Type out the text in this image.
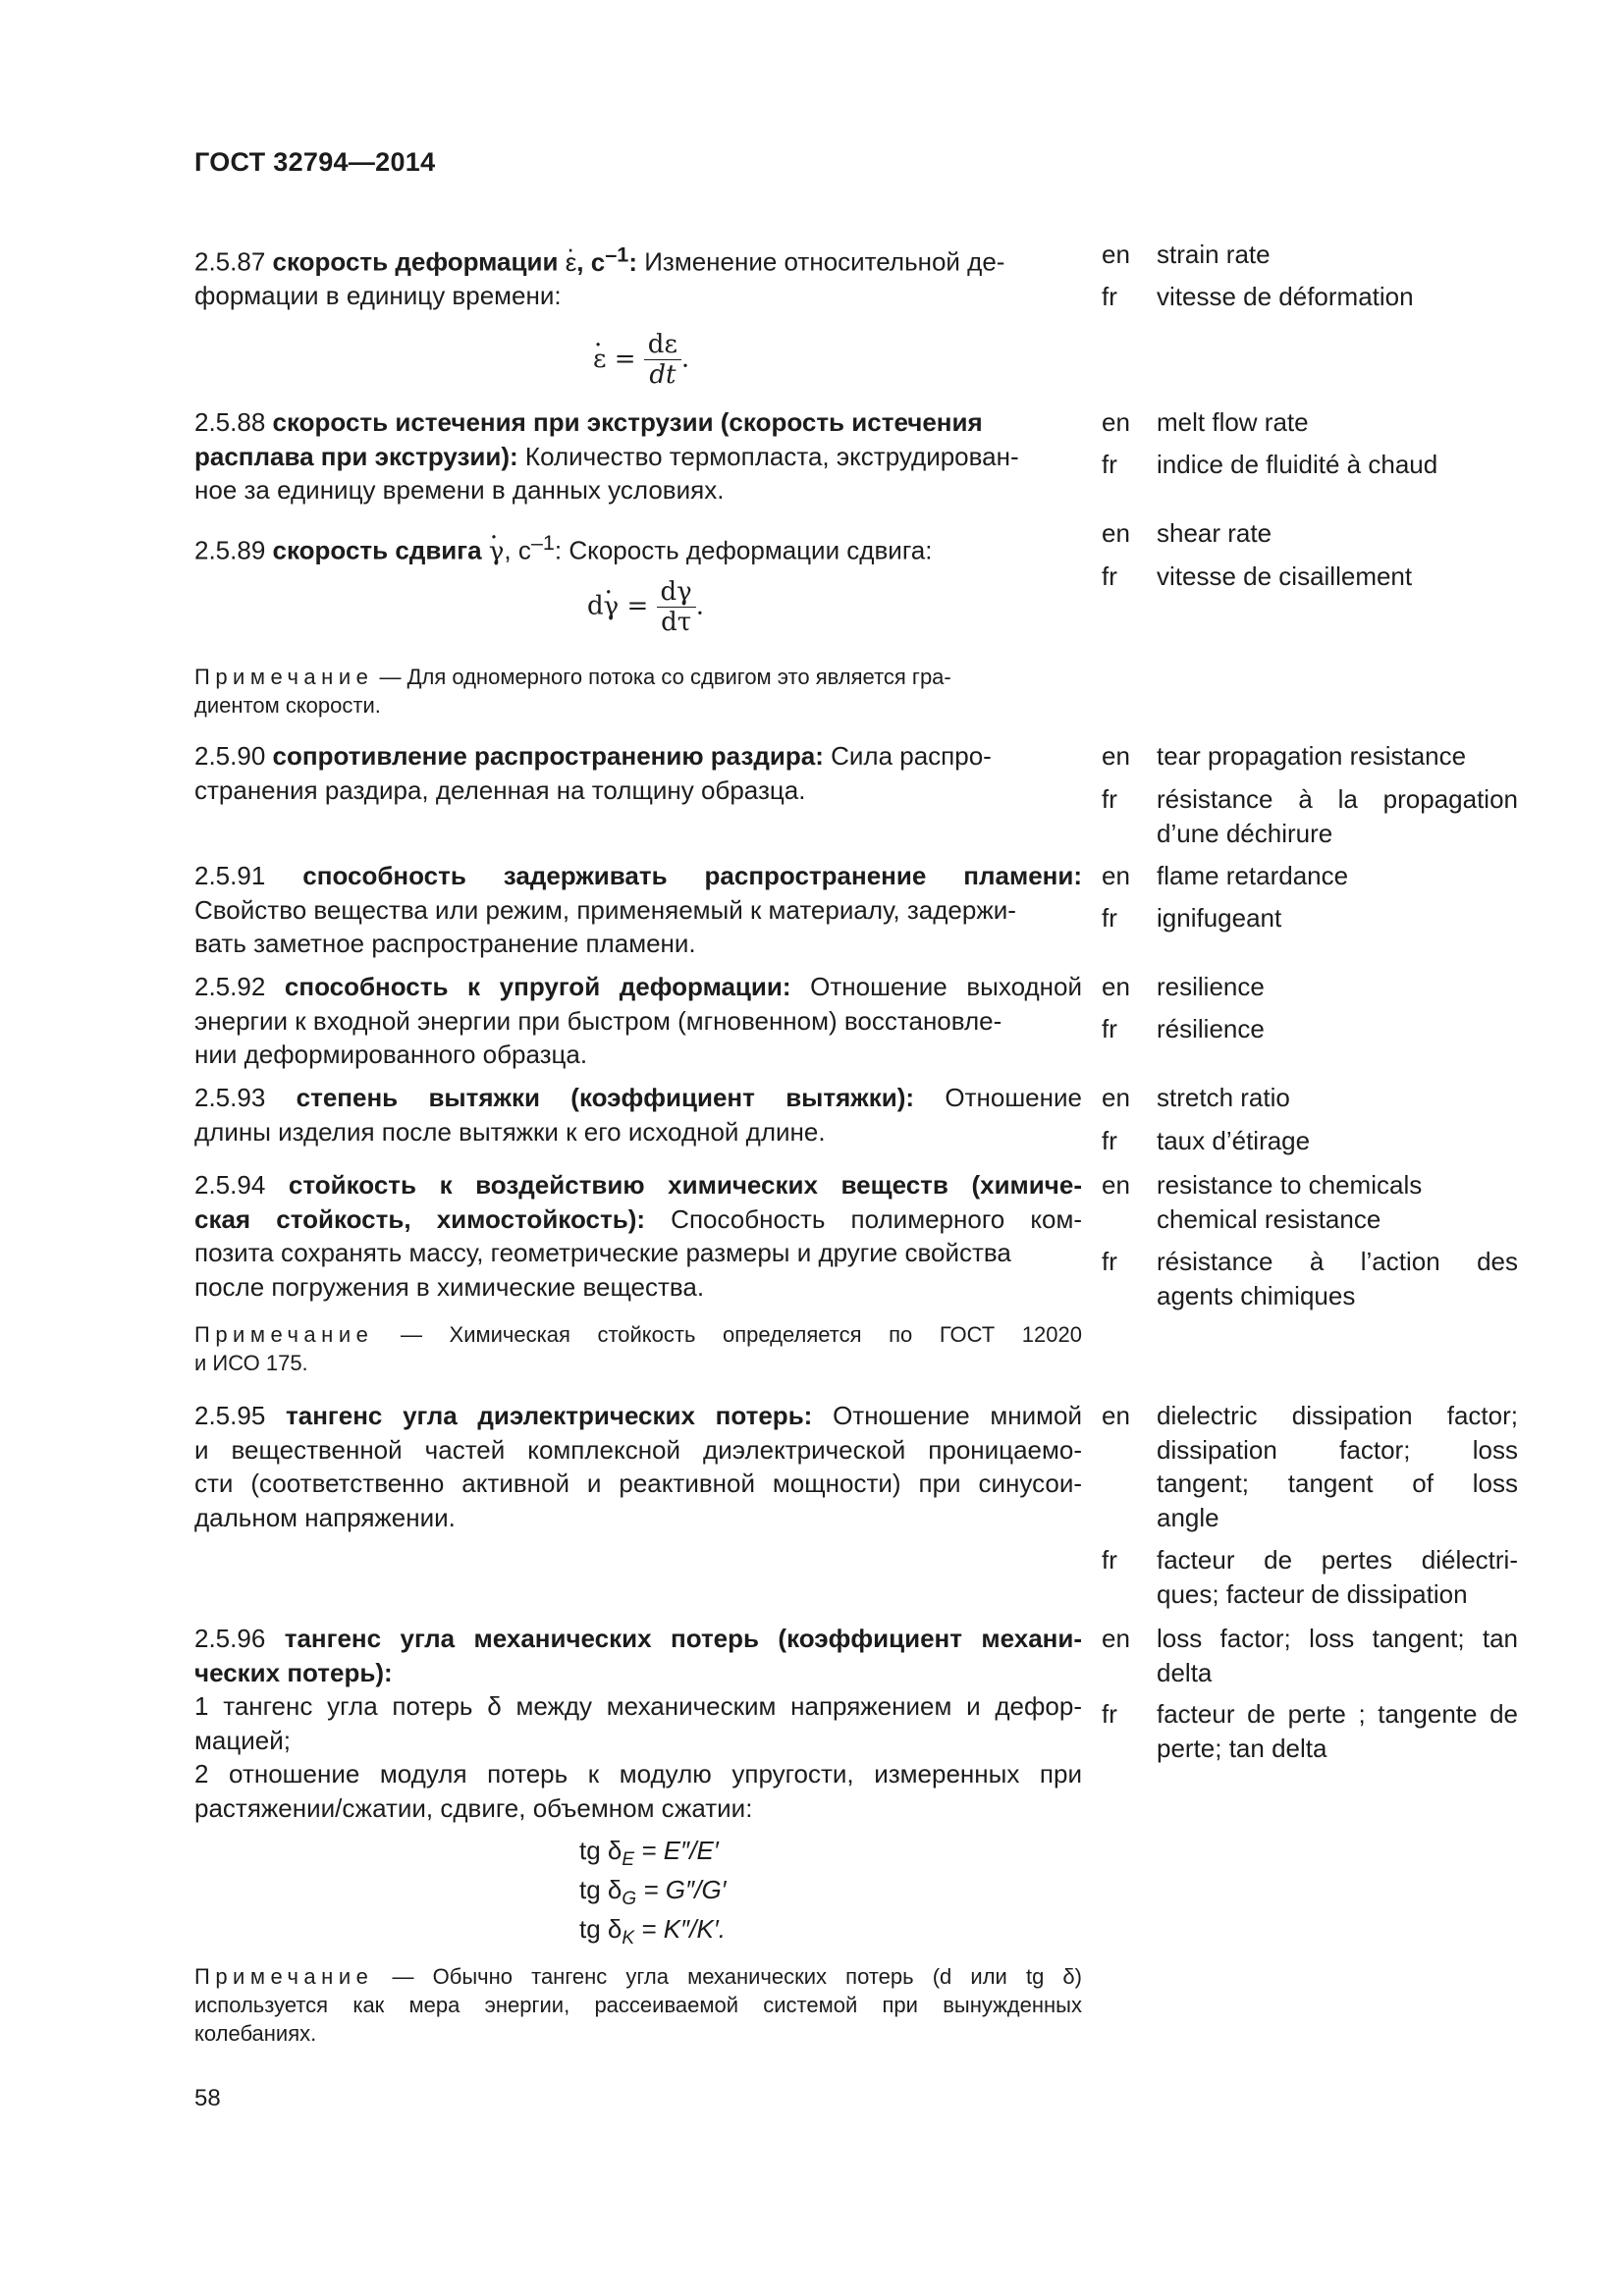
ГОСТ 32794—2014
2.5.87 скорость деформации · ε, $с^{-1}$: Изменение относительной де-
формации в единицу времени:
· $\varepsilon = \frac{d\varepsilon}{dt}$ .
en strain rate
fr vitesse de déformation
2.5.88 скорость истечения при экструзии (скорость истечения
расплава при экструзии): Количество термопласта, экструдирован-
ное за единицу времени в данных условиях.
en melt flow rate
fr indice de fluidité à chaud
2.5.89 скорость сдвига · γ, $с^{-1}$: Скорость деформации сдвига:
$d\cdot \gamma = \frac{d\gamma}{d\tau}$ .
Примечание — Для одномерного потока со сдвигом это является гра-
диентом скорости.
en shear rate
fr vitesse de cisaillement
2.5.90 сопротивление распространению раздира: Сила распро-
странения раздира, деленная на толщину образца.
en tear propagation resistance
fr résistance à la propagation
d’une déchirure
2.5.91 способность задерживать распространение пламени:
Свойство вещества или режим, применяемый к материалу, задержи-
вать заметное распространение пламени.
en flame retardance
fr ignifugeant
2.5.92 способность к упругой деформации: Отношение выходной
энергии к входной энергии при быстром (мгновенном) восстановле-
нии деформированного образца.
en resilience
fr résilience
2.5.93 степень вытяжки (коэффициент вытяжки): Отношение
длины изделия после вытяжки к его исходной длине.
en stretch ratio
fr taux d’étirage
2.5.94 стойкость к воздействию химических веществ (химиче-
ская стойкость, химостойкость): Способность полимерного ком-
позита сохранять массу, геометрические размеры и другие свойства
после погружения в химические вещества.
Примечание — Химическая стойкость определяется по ГОСТ 12020
и ИСО 175.
en resistance to chemicals
chemical resistance
fr résistance à l’action des
agents chimiques
2.5.95 тангенс угла диэлектрических потерь: Отношение мнимой
и вещественной частей комплексной диэлектрической проницаемо-
сти (соответственно активной и реактивной мощности) при синусои-
дальном напряжении.
en dielectric dissipation factor;
dissipation factor; loss
tangent; tangent of loss
angle
fr facteur de pertes diélectri-
ques; facteur de dissipation
2.5.96 тангенс угла механических потерь (коэффициент механи-
ческих потерь):
1 тангенс угла потерь δ между механическим напряжением и дефор-
мацией;
2 отношение модуля потерь к модулю упругости, измеренных при
растяжении/сжатии, сдвиге, объемном сжатии:
tg $\delta_E = E''/E'$
tg $\delta_G = G''/G'$
tg $\delta_K = K''/K'$.
Примечание — Обычно тангенс угла механических потерь (d или tg δ)
используется как мера энергии, рассеиваемой системой при вынужденных
колебаниях.
en loss factor; loss tangent; tan
delta
fr facteur de perte ; tangente de
perte; tan delta
58
